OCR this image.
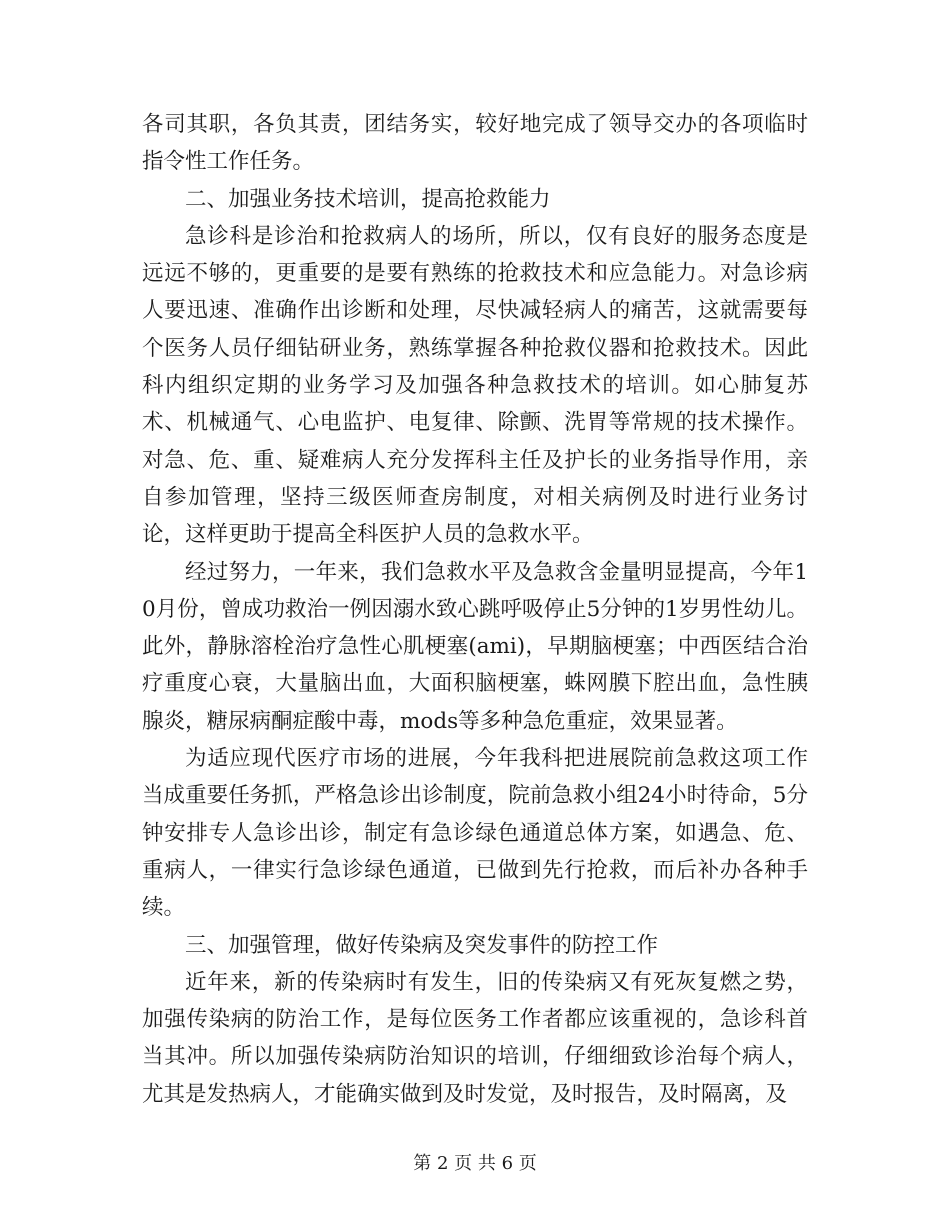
各司其职，各负其责，团结务实，较好地完成了领导交办的各项临时指令性工作任务。

二、加强业务技术培训，提高抢救能力

急诊科是诊治和抢救病人的场所，所以，仅有良好的服务态度是远远不够的，更重要的是要有熟练的抢救技术和应急能力。对急诊病人要迅速、准确作出诊断和处理，尽快减轻病人的痛苦，这就需要每个医务人员仔细钻研业务，熟练掌握各种抢救仪器和抢救技术。因此科内组织定期的业务学习及加强各种急救技术的培训。如心肺复苏术、机械通气、心电监护、电复律、除颤、洗胃等常规的技术操作。对急、危、重、疑难病人充分发挥科主任及护长的业务指导作用，亲自参加管理，坚持三级医师查房制度，对相关病例及时进行业务讨论，这样更助于提高全科医护人员的急救水平。

经过努力，一年来，我们急救水平及急救含金量明显提高，今年10月份，曾成功救治一例因溺水致心跳呼吸停止5分钟的1岁男性幼儿。此外，静脉溶栓治疗急性心肌梗塞(ami)，早期脑梗塞；中西医结合治疗重度心衰，大量脑出血，大面积脑梗塞，蛛网膜下腔出血，急性胰腺炎，糖尿病酮症酸中毒，mods等多种急危重症，效果显著。

为适应现代医疗市场的进展，今年我科把进展院前急救这项工作当成重要任务抓，严格急诊出诊制度，院前急救小组24小时待命，5分钟安排专人急诊出诊，制定有急诊绿色通道总体方案，如遇急、危、重病人，一律实行急诊绿色通道，已做到先行抢救，而后补办各种手续。

三、加强管理，做好传染病及突发事件的防控工作

近年来，新的传染病时有发生，旧的传染病又有死灰复燃之势，加强传染病的防治工作，是每位医务工作者都应该重视的，急诊科首当其冲。所以加强传染病防治知识的培训，仔细细致诊治每个病人，尤其是发热病人，才能确实做到及时发觉，及时报告，及时隔离，及

第 2 页 共 6 页
